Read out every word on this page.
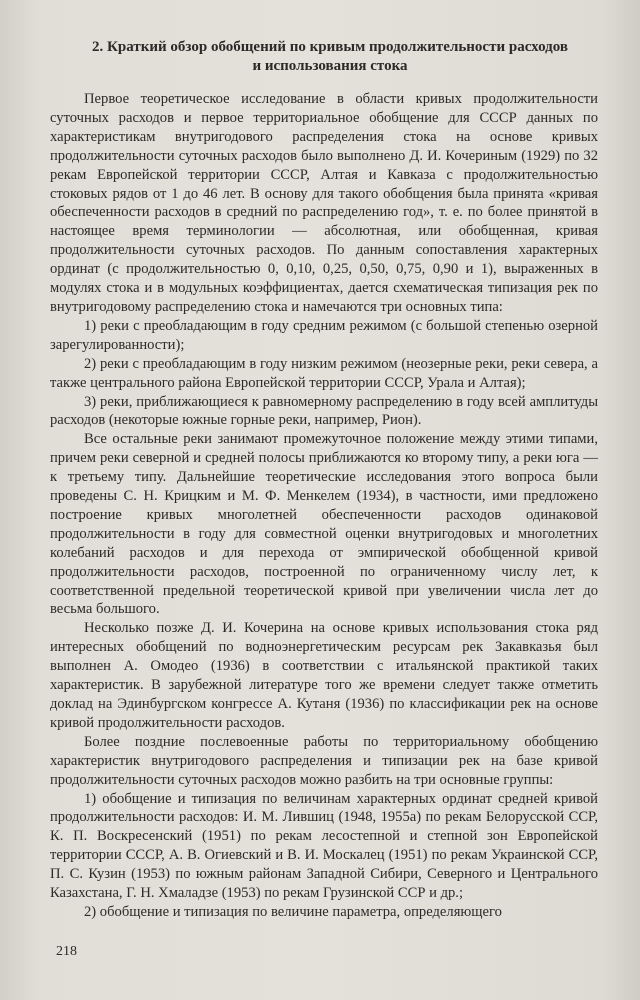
2. Краткий обзор обобщений по кривым продолжительности расходов
и использования стока

Первое теоретическое исследование в области кривых продолжительности суточных расходов и первое территориальное обобщение для СССР данных по характеристикам внутригодового распределения стока на основе кривых продолжительности суточных расходов было выполнено Д. И. Кочериным (1929) по 32 рекам Европейской территории СССР, Алтая и Кавказа с продолжительностью стоковых рядов от 1 до 46 лет. В основу для такого обобщения была принята «кривая обеспеченности расходов в средний по распределению год», т. е. по более принятой в настоящее время терминологии — абсолютная, или обобщенная, кривая продолжительности суточных расходов. По данным сопоставления характерных ординат (с продолжительностью 0, 0,10, 0,25, 0,50, 0,75, 0,90 и 1), выраженных в модулях стока и в модульных коэффициентах, дается схематическая типизация рек по внутригодовому распределению стока и намечаются три основных типа:

1) реки с преобладающим в году средним режимом (с большой степенью озерной зарегулированности);

2) реки с преобладающим в году низким режимом (неозерные реки, реки севера, а также центрального района Европейской территории СССР, Урала и Алтая);

3) реки, приближающиеся к равномерному распределению в году всей амплитуды расходов (некоторые южные горные реки, например, Рион).

Все остальные реки занимают промежуточное положение между этими типами, причем реки северной и средней полосы приближаются ко второму типу, а реки юга — к третьему типу. Дальнейшие теоретические исследования этого вопроса были проведены С. Н. Крицким и М. Ф. Менкелем (1934), в частности, ими предложено построение кривых многолетней обеспеченности расходов одинаковой продолжительности в году для совместной оценки внутригодовых и многолетних колебаний расходов и для перехода от эмпирической обобщенной кривой продолжительности расходов, построенной по ограниченному числу лет, к соответственной предельной теоретической кривой при увеличении числа лет до весьма большого.

Несколько позже Д. И. Кочерина на основе кривых использования стока ряд интересных обобщений по водноэнергетическим ресурсам рек Закавказья был выполнен А. Омодео (1936) в соответствии с итальянской практикой таких характеристик. В зарубежной литературе того же времени следует также отметить доклад на Эдинбургском конгрессе А. Кутаня (1936) по классификации рек на основе кривой продолжительности расходов.

Более поздние послевоенные работы по территориальному обобщению характеристик внутригодового распределения и типизации рек на базе кривой продолжительности суточных расходов можно разбить на три основные группы:

1) обобщение и типизация по величинам характерных ординат средней кривой продолжительности расходов: И. М. Лившиц (1948, 1955а) по рекам Белорусской ССР, К. П. Воскресенский (1951) по рекам лесостепной и степной зон Европейской территории СССР, А. В. Огиевский и В. И. Москалец (1951) по рекам Украинской ССР, П. С. Кузин (1953) по южным районам Западной Сибири, Северного и Центрального Казахстана, Г. Н. Хмаладзе (1953) по рекам Грузинской ССР и др.;

2) обобщение и типизация по величине параметра, определяющего

218
